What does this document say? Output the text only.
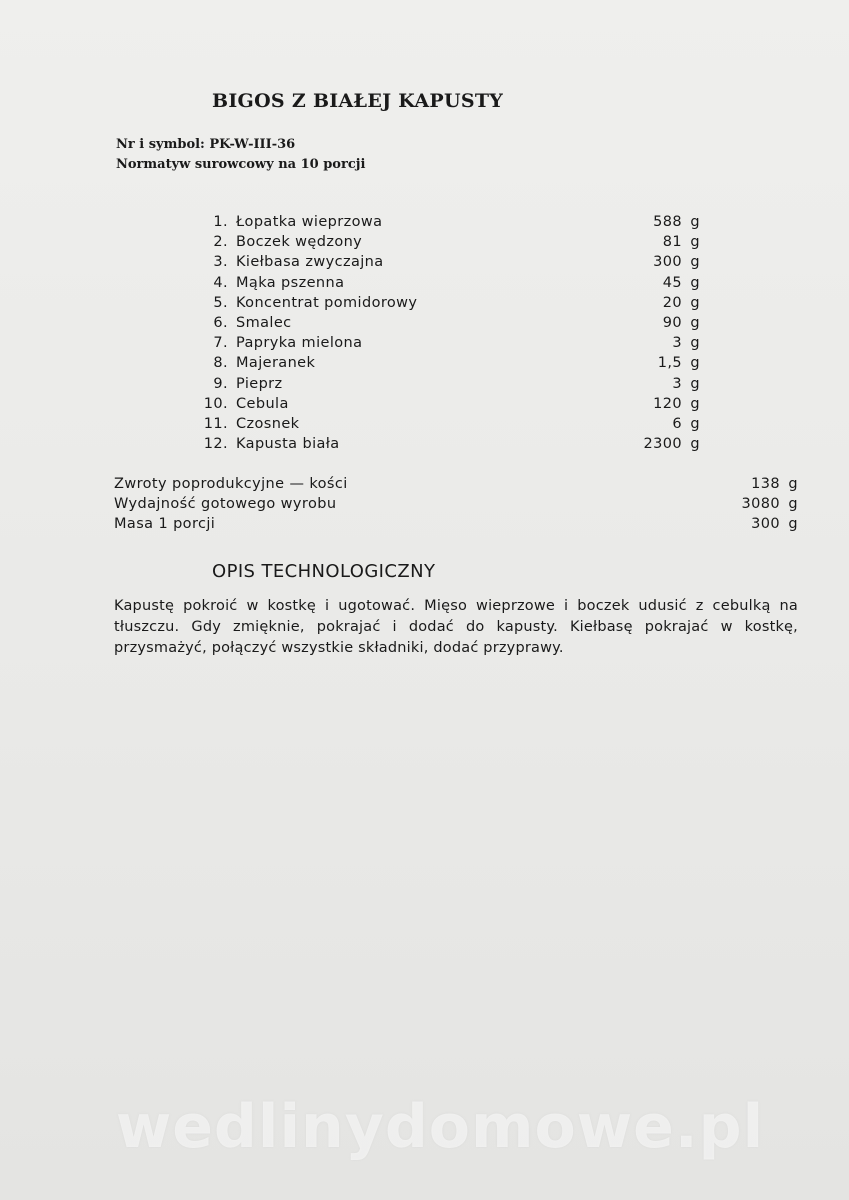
BIGOS Z BIAŁEJ KAPUSTY
Nr i symbol: PK-W-III-36
Normatyw surowcowy na 10 porcji
1. Łopatka wieprzowa	588 g
2. Boczek wędzony	81 g
3. Kiełbasa zwyczajna	300 g
4. Mąka pszenna	45 g
5. Koncentrat pomidorowy	20 g
6. Smalec	90 g
7. Papryka mielona	3 g
8. Majeranek	1,5 g
9. Pieprz	3 g
10. Cebula	120 g
11. Czosnek	6 g
12. Kapusta biała	2300 g
Zwroty poprodukcyjne — kości	138 g
Wydajność gotowego wyrobu	3080 g
Masa 1 porcji	300 g
OPIS TECHNOLOGICZNY
Kapustę pokroić w kostkę i ugotować. Mięso wieprzowe i boczek udusić z cebulką na tłuszczu. Gdy zmięknie, pokrajać i dodać do kapusty. Kiełbasę pokrajać w kostkę, przysmażyć, połączyć wszystkie składniki, dodać przyprawy.
wedlinydomowe.pl
